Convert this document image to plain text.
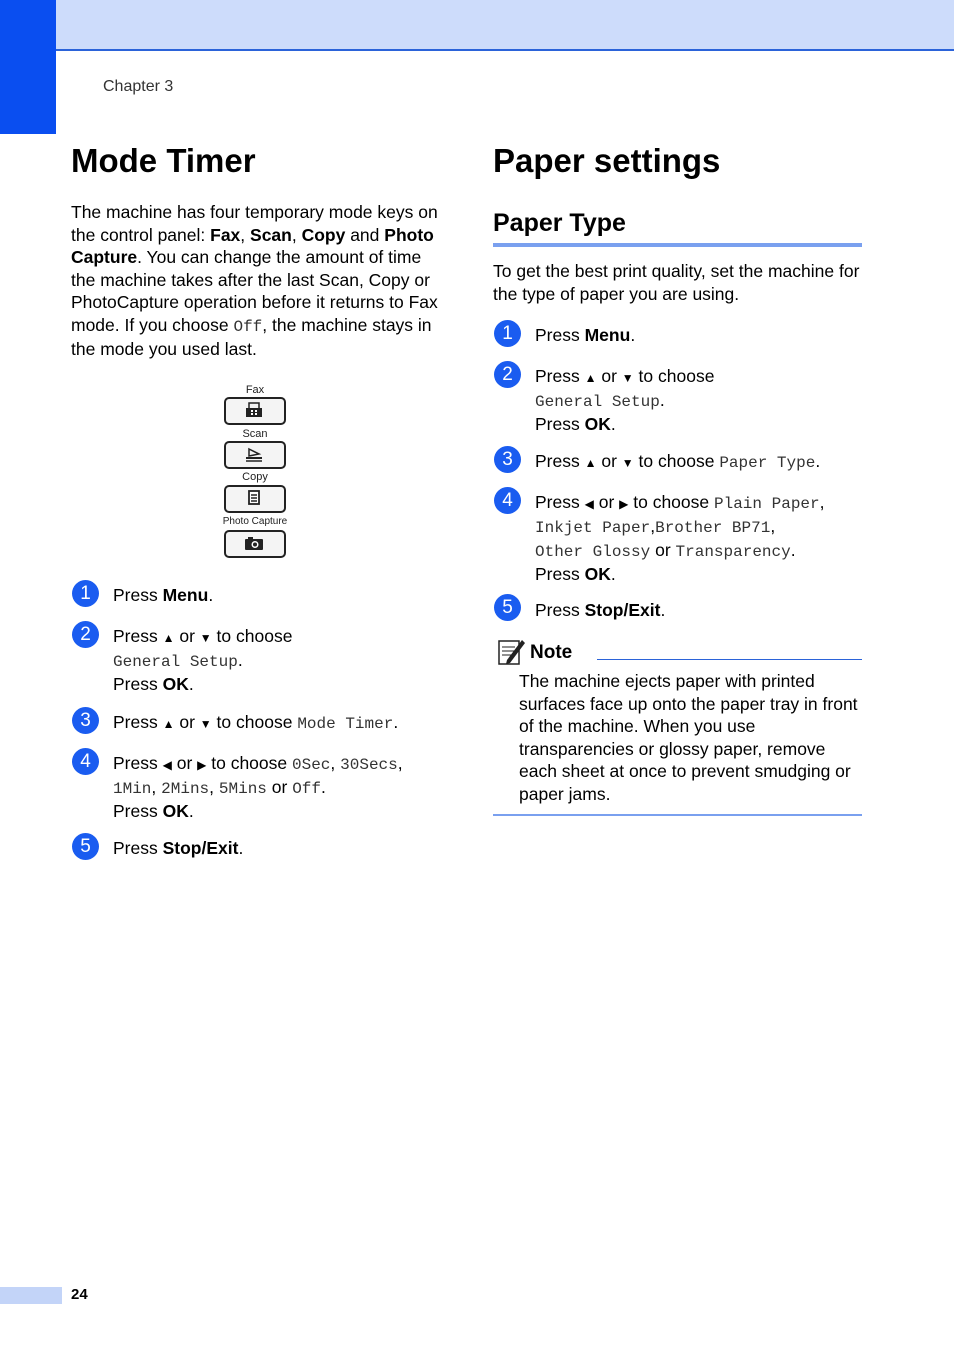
Chapter 3
Mode Timer
The machine has four temporary mode keys on the control panel: Fax, Scan, Copy and Photo Capture. You can change the amount of time the machine takes after the last Scan, Copy or PhotoCapture operation before it returns to Fax mode. If you choose Off, the machine stays in the mode you used last.
Fax
Scan
Copy
Photo Capture
1	Press Menu.
2	Press ▲ or ▼ to choose
General Setup.
Press OK.
3	Press ▲ or ▼ to choose Mode Timer.
4	Press ◀ or ▶ to choose 0Sec, 30Secs,
1Min, 2Mins, 5Mins or Off.
Press OK.
5	Press Stop/Exit.
Paper settings
Paper Type
To get the best print quality, set the machine for the type of paper you are using.
1	Press Menu.
2	Press ▲ or ▼ to choose
General Setup.
Press OK.
3	Press ▲ or ▼ to choose Paper Type.
4	Press ◀ or ▶ to choose Plain Paper,
Inkjet Paper,Brother BP71,
Other Glossy or Transparency.
Press OK.
5	Press Stop/Exit.
Note
The machine ejects paper with printed surfaces face up onto the paper tray in front of the machine. When you use transparencies or glossy paper, remove each sheet at once to prevent smudging or paper jams.
24
